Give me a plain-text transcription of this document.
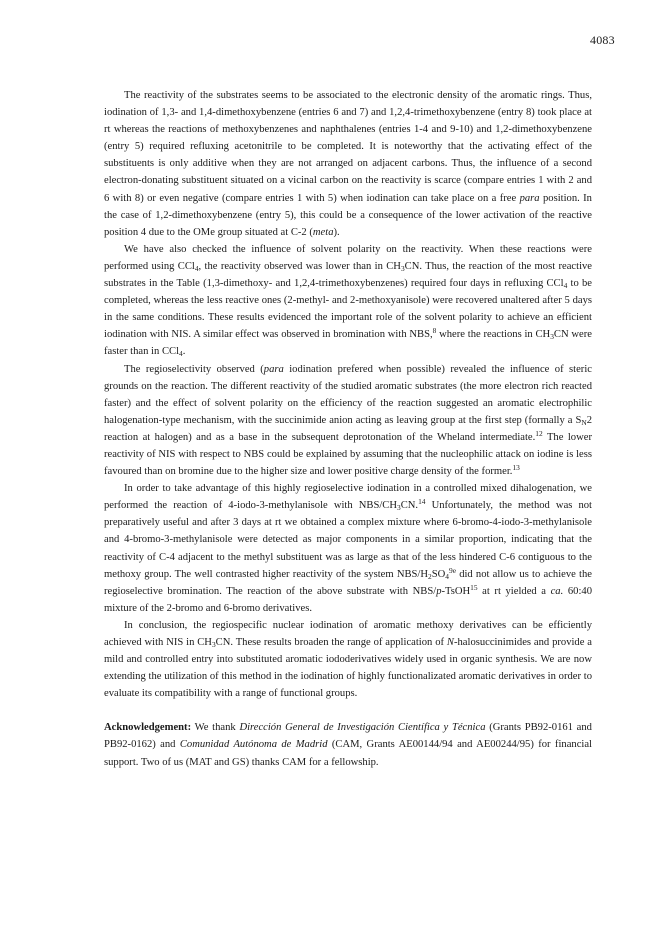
4083

The reactivity of the substrates seems to be associated to the electronic density of the aromatic rings. Thus, iodination of 1,3- and 1,4-dimethoxybenzene (entries 6 and 7) and 1,2,4-trimethoxybenzene (entry 8) took place at rt whereas the reactions of methoxybenzenes and naphthalenes (entries 1-4 and 9-10) and 1,2-dimethoxybenzene (entry 5) required refluxing acetonitrile to be completed. It is noteworthy that the activating effect of the substituents is only additive when they are not arranged on adjacent carbons. Thus, the influence of a second electron-donating substituent situated on a vicinal carbon on the reactivity is scarce (compare entries 1 with 2 and 6 with 8) or even negative (compare entries 1 with 5) when iodination can take place on a free para position. In the case of 1,2-dimethoxybenzene (entry 5), this could be a consequence of the lower activation of the reactive position 4 due to the OMe group situated at C-2 (meta).

We have also checked the influence of solvent polarity on the reactivity. When these reactions were performed using CCl$_4$, the reactivity observed was lower than in $CH_3CN$. Thus, the reaction of the most reactive substrates in the Table (1,3-dimethoxy- and 1,2,4-trimethoxybenzenes) required four days in refluxing CCl$_4$ to be completed, whereas the less reactive ones (2-methyl- and 2-methoxyanisole) were recovered unaltered after 5 days in the same conditions. These results evidenced the important role of the solvent polarity to achieve an efficient iodination with NIS. A similar effect was observed in bromination with NBS,$^8$ where the reactions in $CH_3CN$ were faster than in CCl$_4$.

The regioselectivity observed (para iodination prefered when possible) revealed the influence of steric grounds on the reaction. The different reactivity of the studied aromatic substrates (the more electron rich reacted faster) and the effect of solvent polarity on the efficiency of the reaction suggested an aromatic electrophilic halogenation-type mechanism, with the succinimide anion acting as leaving group at the first step (formally a $S_N2$ reaction at halogen) and as a base in the subsequent deprotonation of the Wheland intermediate.$^{12}$ The lower reactivity of NIS with respect to NBS could be explained by assuming that the nucleophilic attack on iodine is less favoured than on bromine due to the higher size and lower positive charge density of the former.$^{13}$

In order to take advantage of this highly regioselective iodination in a controlled mixed dihalogenation, we performed the reaction of 4-iodo-3-methylanisole with NBS/$CH_3CN.^{14}$ Unfortunately, the method was not preparatively useful and after 3 days at rt we obtained a complex mixture where 6-bromo-4-iodo-3-methylanisole and 4-bromo-3-methylanisole were detected as major components in a similar proportion, indicating that the reactivity of C-4 adjacent to the methyl substituent was as large as that of the less hindered C-6 contiguous to the methoxy group. The well contrasted higher reactivity of the system NBS/$H_2SO_4^{9e}$ did not allow us to achieve the regioselective bromination. The reaction of the above substrate with NBS/p-TsOH$^{15}$ at rt yielded a ca. 60:40 mixture of the 2-bromo and 6-bromo derivatives.

In conclusion, the regiospecific nuclear iodination of aromatic methoxy derivatives can be efficiently achieved with NIS in $CH_3CN$. These results broaden the range of application of N-halosuccinimides and provide a mild and controlled entry into substituted aromatic iododerivatives widely used in organic synthesis. We are now extending the utilization of this method in the iodination of highly functionalizated aromatic derivatives in order to evaluate its compatibility with a range of functional groups.

Acknowledgement: We thank Dirección General de Investigación Científica y Técnica (Grants PB92-0161 and PB92-0162) and Comunidad Autónoma de Madrid (CAM, Grants AE00144/94 and AE00244/95) for financial support. Two of us (MAT and GS) thanks CAM for a fellowship.
